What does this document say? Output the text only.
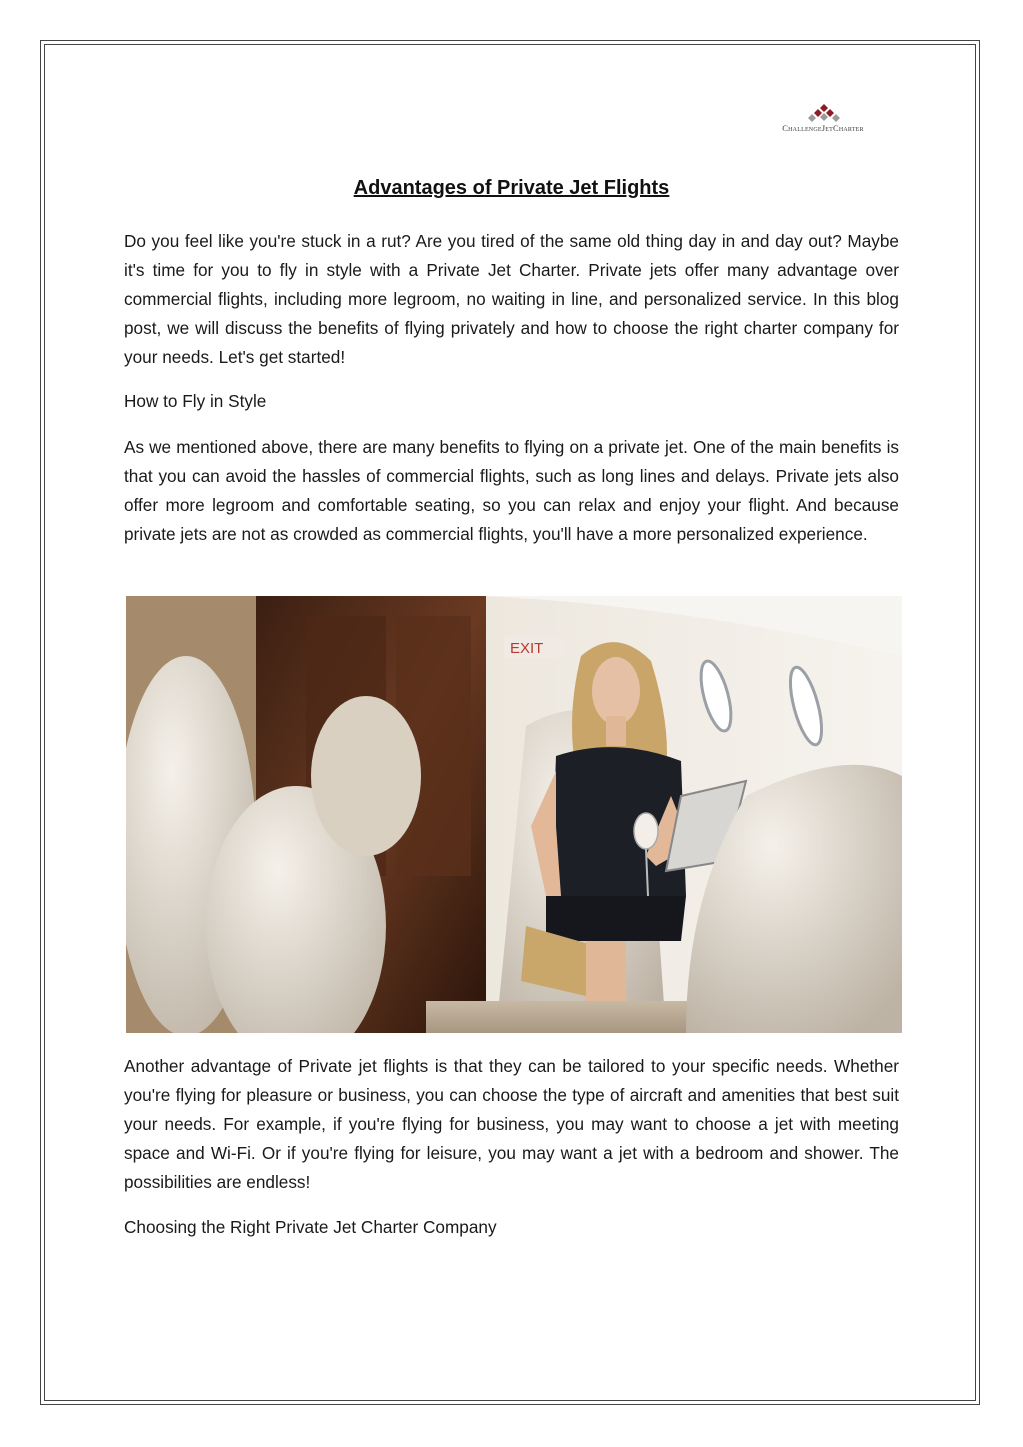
ChallengeJetCharter
Advantages of Private Jet Flights

Do you feel like you're stuck in a rut? Are you tired of the same old thing day in and day out? Maybe it's time for you to fly in style with a Private Jet Charter. Private jets offer many advantage over commercial flights, including more legroom, no waiting in line, and personalized service. In this blog post, we will discuss the benefits of flying privately and how to choose the right charter company for your needs. Let's get started!

How to Fly in Style

As we mentioned above, there are many benefits to flying on a private jet. One of the main benefits is that you can avoid the hassles of commercial flights, such as long lines and delays. Private jets also offer more legroom and comfortable seating, so you can relax and enjoy your flight. And because private jets are not as crowded as commercial flights, you'll have a more personalized experience.

EXIT

Another advantage of Private jet flights is that they can be tailored to your specific needs. Whether you're flying for pleasure or business, you can choose the type of aircraft and amenities that best suit your needs. For example, if you're flying for business, you may want to choose a jet with meeting space and Wi-Fi. Or if you're flying for leisure, you may want a jet with a bedroom and shower. The possibilities are endless!

Choosing the Right Private Jet Charter Company
